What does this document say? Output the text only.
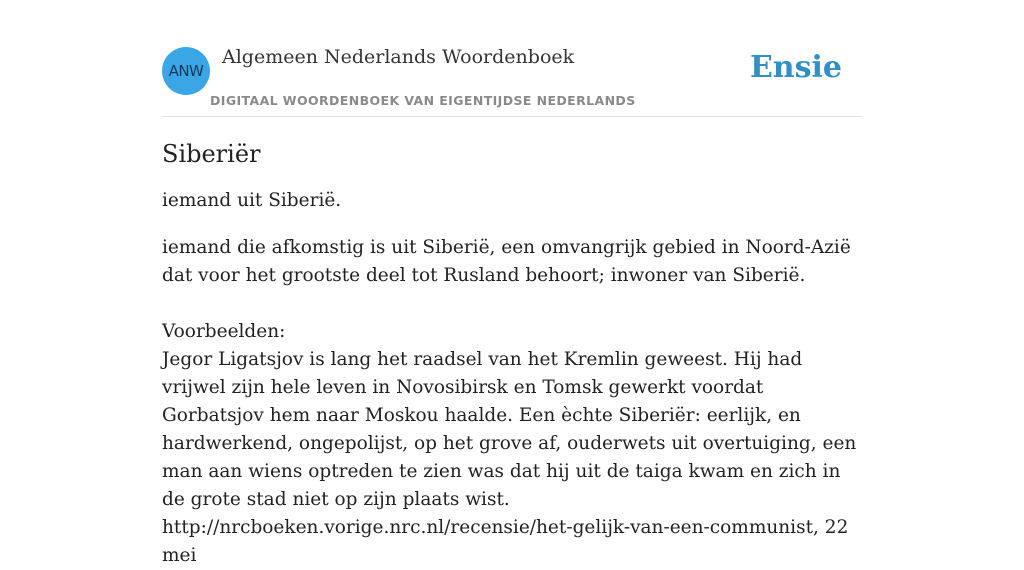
ANW
Algemeen Nederlands Woordenboek
DIGITAAL WOORDENBOEK VAN EIGENTIJDSE NEDERLANDS
Ensie
Siberiër
iemand uit Siberië.
iemand die afkomstig is uit Siberië, een omvangrijk gebied in Noord-Azië dat voor het grootste deel tot Rusland behoort; inwoner van Siberië.
Voorbeelden:
Jegor Ligatsjov is lang het raadsel van het Kremlin geweest. Hij had vrijwel zijn hele leven in Novosibirsk en Tomsk gewerkt voordat Gorbatsjov hem naar Moskou haalde. Een èchte Siberiër: eerlijk, en hardwerkend, ongepolijst, op het grove af, ouderwets uit overtuiging, een man aan wiens optreden te zien was dat hij uit de taiga kwam en zich in de grote stad niet op zijn plaats wist. http://nrcboeken.vorige.nrc.nl/recensie/het-gelijk-van-een-communist, 22 mei
